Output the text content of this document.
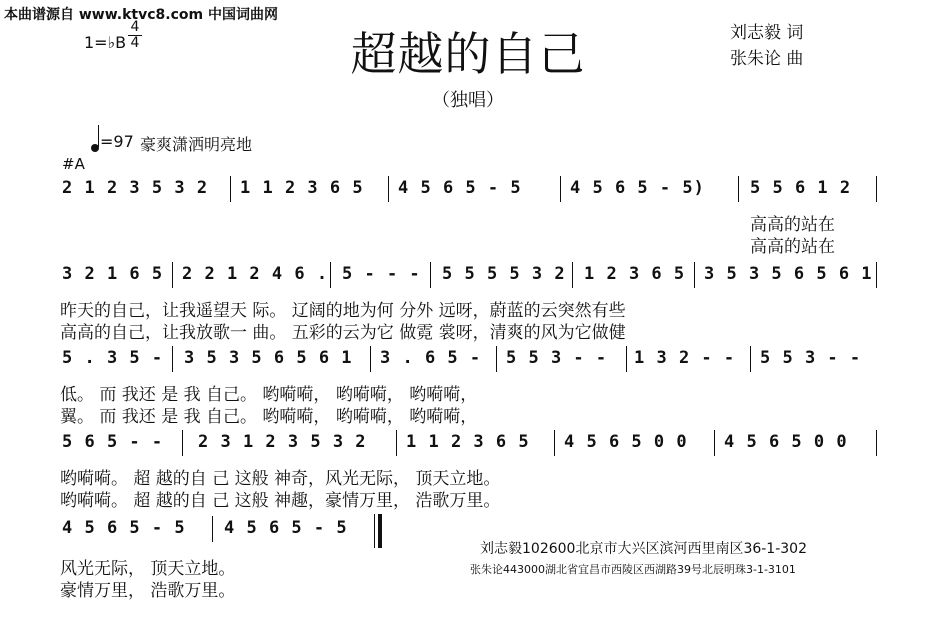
本曲谱源自 www.ktvc8.com 中国词曲网
1=♭B
4
4	超越的自己	刘志毅 词
张朱论 曲
（独唱）
=97 豪爽潇洒明亮地
#A
2 1 2 3 5 3 2 1 1 2 3 6 5 4 5 6 5 - 5	4 5 6 5 - 5)	5 5 6 1 2
高高的站在
高高的站在
3 2 1 6 5 2 2 1 2 4 6 . 5 - - - 5 5 5 5 3 2 1 2 3 6 5 3 5 3 5 6 5 6 1
昨天的自己，让我遥望天 际。 辽阔的地为何 分外 远呀，蔚蓝的云突然有些
高高的自己，让我放歌一 曲。 五彩的云为它 做霓 裳呀，清爽的风为它做健
5 . 3 5 - 3 5 3 5 6 5 6 1 3 . 6 5 - 5 5 3 - - 1 3 2 - - 5 5 3 - -
低。 而 我还 是 我 自己。 哟嗬嗬， 哟嗬嗬， 哟嗬嗬，
翼。 而 我还 是 我 自己。 哟嗬嗬， 哟嗬嗬， 哟嗬嗬，
5 6 5 - - 2 3 1 2 3 5 3 2 1 1 2 3 6 5 4 5 6 5 0 0 4 5 6 5 0 0
哟嗬嗬。 超 越的自 己 这般 神奇，风光无际， 顶天立地。
哟嗬嗬。 超 越的自 己 这般 神趣，豪情万里， 浩歌万里。
4 5 6 5 - 5 4 5 6 5 - 5
风光无际， 顶天立地。
豪情万里， 浩歌万里。
刘志毅102600北京市大兴区滨河西里南区36-1-302
张朱论443000湖北省宜昌市西陵区西湖路39号北辰明珠3-1-3101
